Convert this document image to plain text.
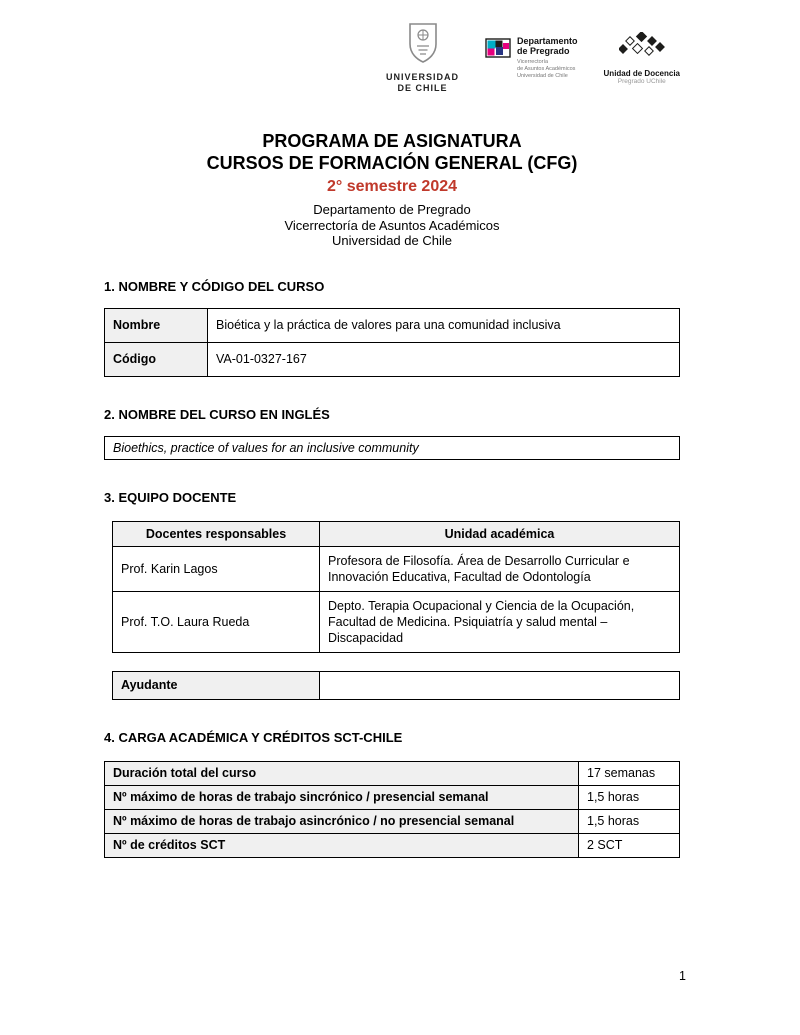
UNIVERSIDAD
DE CHILE
Departamento
de Pregrado
Vicerrectoría
de Asuntos Académicos
Universidad de Chile	Unidad de Docencia
Pregrado UChile
PROGRAMA DE ASIGNATURA
CURSOS DE FORMACIÓN GENERAL (CFG)
2° semestre 2024
Departamento de Pregrado
Vicerrectoría de Asuntos Académicos
Universidad de Chile
1. NOMBRE Y CÓDIGO DEL CURSO
Nombre	Bioética y la práctica de valores para una comunidad inclusiva
Código	VA-01-0327-167
2. NOMBRE DEL CURSO EN INGLÉS
Bioethics, practice of values for an inclusive community
3. EQUIPO DOCENTE
Docentes responsables	Unidad académica
Prof. Karin Lagos	Profesora de Filosofía. Área de Desarrollo Curricular e Innovación Educativa, Facultad de Odontología
Prof. T.O. Laura Rueda	Depto. Terapia Ocupacional y Ciencia de la Ocupación, Facultad de Medicina. Psiquiatría y salud mental – Discapacidad
Ayudante	
4. CARGA ACADÉMICA Y CRÉDITOS SCT-CHILE
Duración total del curso	17 semanas
Nº máximo de horas de trabajo sincrónico / presencial semanal	1,5 horas
Nº máximo de horas de trabajo asincrónico / no presencial semanal	1,5 horas
Nº de créditos SCT	2 SCT
1
